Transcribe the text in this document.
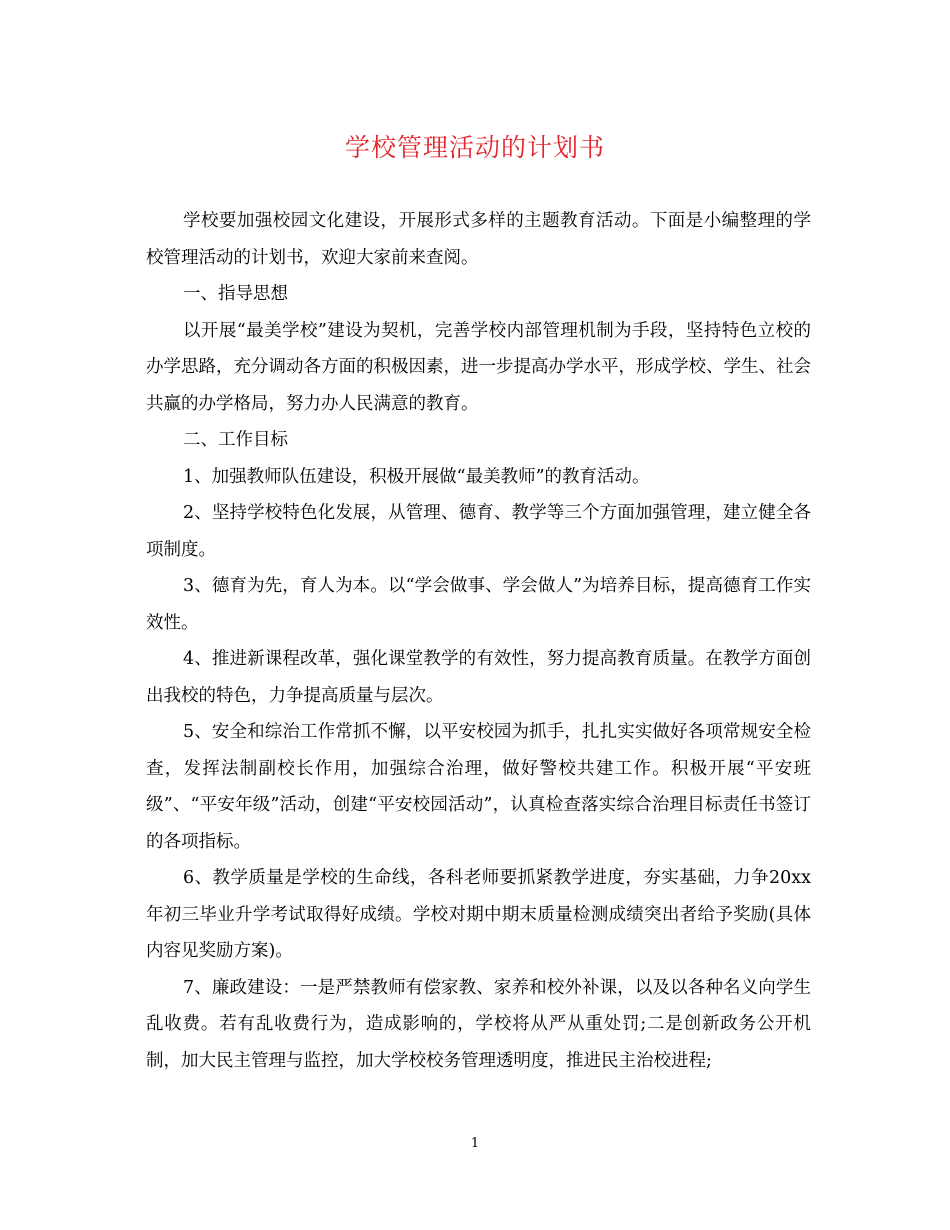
学校管理活动的计划书

学校要加强校园文化建设，开展形式多样的主题教育活动。下面是小编整理的学校管理活动的计划书，欢迎大家前来查阅。

一、指导思想

以开展“最美学校”建设为契机，完善学校内部管理机制为手段，坚持特色立校的办学思路，充分调动各方面的积极因素，进一步提高办学水平，形成学校、学生、社会共赢的办学格局，努力办人民满意的教育。

二、工作目标

1、加强教师队伍建设，积极开展做“最美教师”的教育活动。

2、坚持学校特色化发展，从管理、德育、教学等三个方面加强管理，建立健全各项制度。

3、德育为先，育人为本。以“学会做事、学会做人”为培养目标，提高德育工作实效性。

4、推进新课程改革，强化课堂教学的有效性，努力提高教育质量。在教学方面创出我校的特色，力争提高质量与层次。

5、安全和综治工作常抓不懈，以平安校园为抓手，扎扎实实做好各项常规安全检查，发挥法制副校长作用，加强综合治理，做好警校共建工作。积极开展“平安班级”、“平安年级”活动，创建“平安校园活动”，认真检查落实综合治理目标责任书签订的各项指标。

6、教学质量是学校的生命线，各科老师要抓紧教学进度，夯实基础，力争20xx年初三毕业升学考试取得好成绩。学校对期中期末质量检测成绩突出者给予奖励(具体内容见奖励方案)。

7、廉政建设：一是严禁教师有偿家教、家养和校外补课，以及以各种名义向学生乱收费。若有乱收费行为，造成影响的，学校将从严从重处罚;二是创新政务公开机制，加大民主管理与监控，加大学校校务管理透明度，推进民主治校进程;

1
